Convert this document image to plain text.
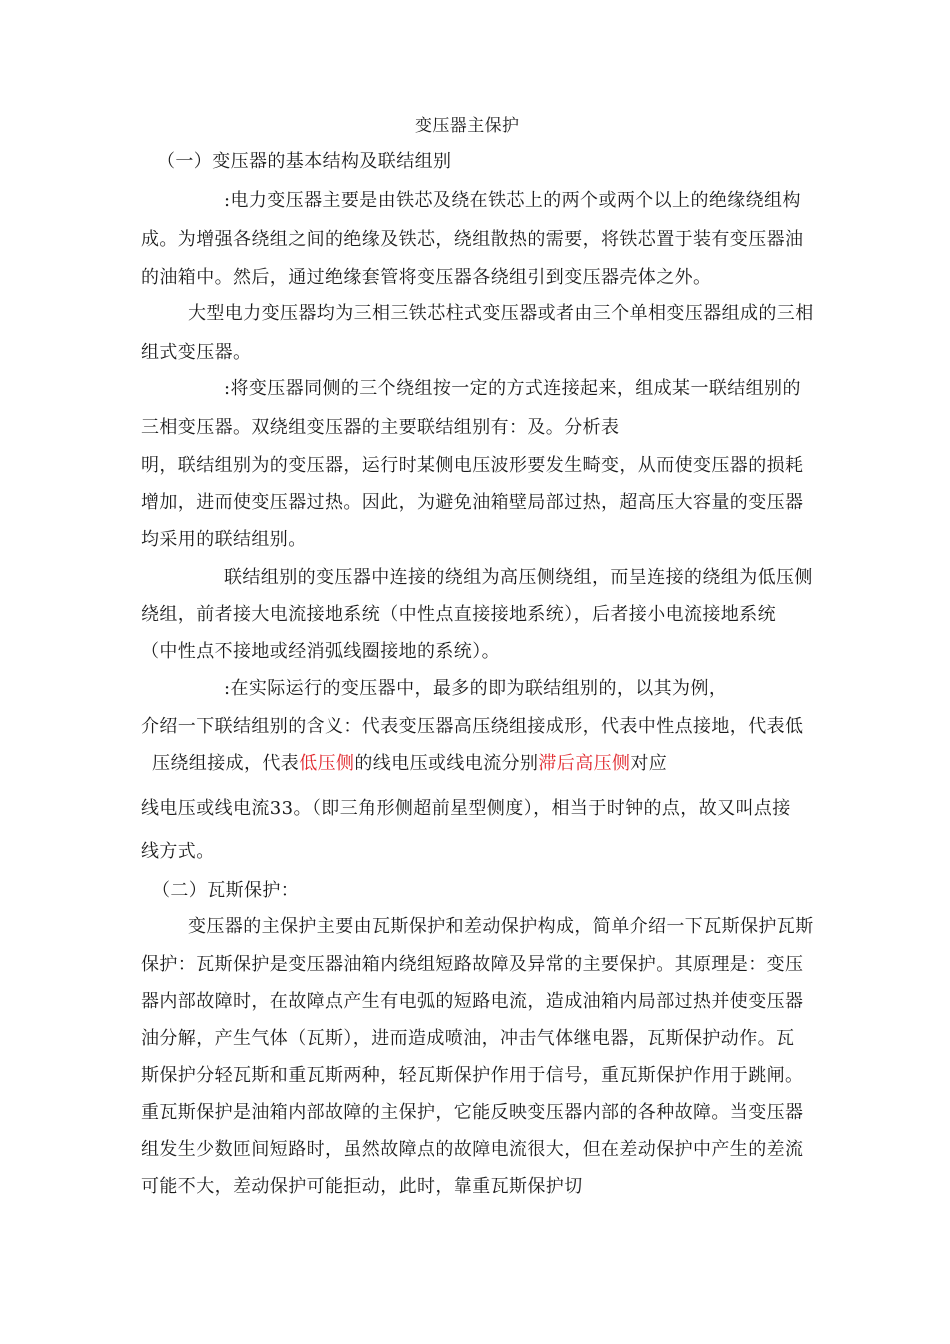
变压器主保护
（一）变压器的基本结构及联结组别
:电力变压器主要是由铁芯及绕在铁芯上的两个或两个以上的绝缘绕组构
成。为增强各绕组之间的绝缘及铁芯，绕组散热的需要，将铁芯置于装有变压器油
的油箱中。然后，通过绝缘套管将变压器各绕组引到变压器壳体之外。
大型电力变压器均为三相三铁芯柱式变压器或者由三个单相变压器组成的三相
组式变压器。
:将变压器同侧的三个绕组按一定的方式连接起来，组成某一联结组别的
三相变压器。双绕组变压器的主要联结组别有：及。分析表
明，联结组别为的变压器，运行时某侧电压波形要发生畸变，从而使变压器的损耗
增加，进而使变压器过热。因此，为避免油箱壁局部过热，超高压大容量的变压器
均采用的联结组别。
联结组别的变压器中连接的绕组为高压侧绕组，而呈连接的绕组为低压侧
绕组，前者接大电流接地系统（中性点直接接地系统），后者接小电流接地系统
（中性点不接地或经消弧线圈接地的系统）。
:在实际运行的变压器中，最多的即为联结组别的，以其为例，
介绍一下联结组别的含义：代表变压器高压绕组接成形，代表中性点接地，代表低
压绕组接成，代表低压侧的线电压或线电流分别滞后高压侧对应
线电压或线电流33。（即三角形侧超前星型侧度），相当于时钟的点，故又叫点接
线方式。
（二）瓦斯保护：
变压器的主保护主要由瓦斯保护和差动保护构成，简单介绍一下瓦斯保护瓦斯
保护：瓦斯保护是变压器油箱内绕组短路故障及异常的主要保护。其原理是：变压
器内部故障时，在故障点产生有电弧的短路电流，造成油箱内局部过热并使变压器
油分解，产生气体（瓦斯），进而造成喷油，冲击气体继电器，瓦斯保护动作。瓦
斯保护分轻瓦斯和重瓦斯两种，轻瓦斯保护作用于信号，重瓦斯保护作用于跳闸。
重瓦斯保护是油箱内部故障的主保护，它能反映变压器内部的各种故障。当变压器
组发生少数匝间短路时，虽然故障点的故障电流很大，但在差动保护中产生的差流
可能不大，差动保护可能拒动，此时，靠重瓦斯保护切
